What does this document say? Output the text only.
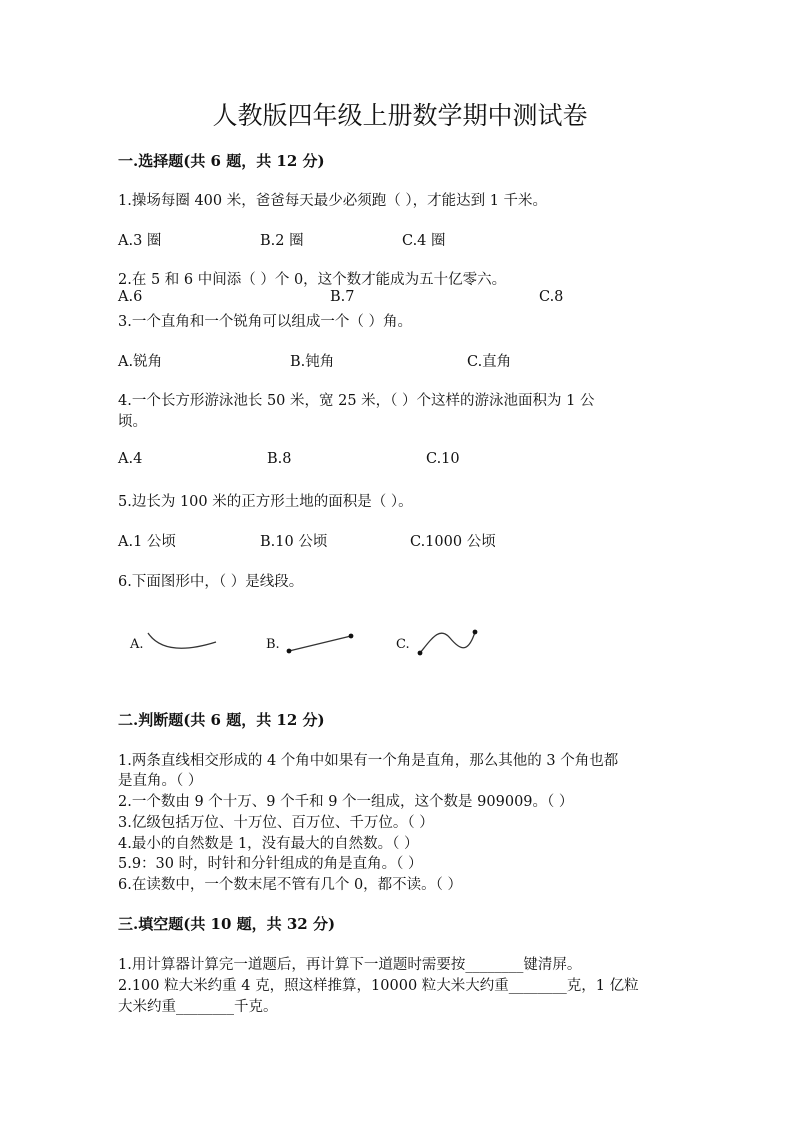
人教版四年级上册数学期中测试卷
一.选择题(共 6 题，共 12 分)
1.操场每圈 400 米，爸爸每天最少必须跑（ ），才能达到 1 千米。
A.3 圈	B.2 圈	C.4 圈
2.在 5 和 6 中间添（ ）个 0，这个数才能成为五十亿零六。
A.6	B.7	C.8
3.一个直角和一个锐角可以组成一个（ ）角。
A.锐角	B.钝角	C.直角
4.一个长方形游泳池长 50 米，宽 25 米，（ ）个这样的游泳池面积为 1 公
顷。
A.4	B.8	C.10
5.边长为 100 米的正方形土地的面积是（ ）。
A.1 公顷	B.10 公顷	C.1000 公顷
6.下面图形中，（ ）是线段。
A.	B.	C.
二.判断题(共 6 题，共 12 分)
1.两条直线相交形成的 4 个角中如果有一个角是直角，那么其他的 3 个角也都
是直角。（ ）
2.一个数由 9 个十万、9 个千和 9 个一组成，这个数是 909009。（ ）
3.亿级包括万位、十万位、百万位、千万位。（ ）
4.最小的自然数是 1，没有最大的自然数。（ ）
5.9：30 时，时针和分针组成的角是直角。（ ）
6.在读数中，一个数末尾不管有几个 0，都不读。（ ）
三.填空题(共 10 题，共 32 分)
1.用计算器计算完一道题后，再计算下一道题时需要按________键清屏。
2.100 粒大米约重 4 克，照这样推算，10000 粒大米大约重________克，1 亿粒
大米约重________千克。
